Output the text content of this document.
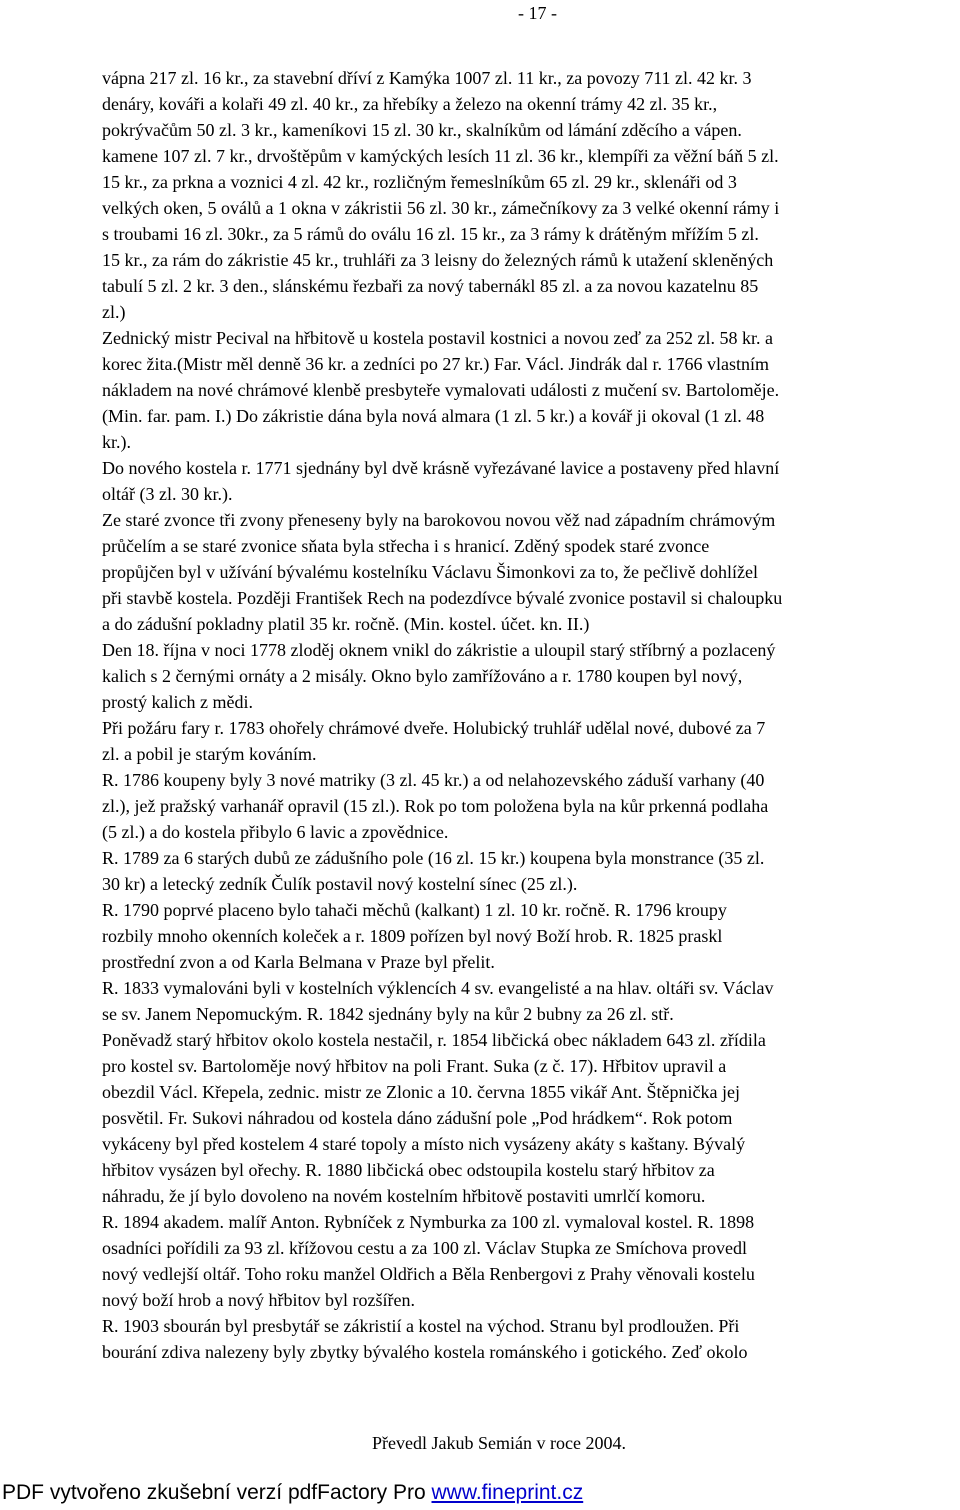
- 17 -
vápna 217 zl. 16 kr., za stavební dříví z Kamýka 1007 zl. 11 kr., za povozy 711 zl. 42 kr. 3
denáry, kováři a kolaři 49 zl. 40 kr., za hřebíky a železo na okenní trámy 42 zl. 35 kr.,
pokrývačům 50 zl. 3 kr., kameníkovi 15 zl. 30 kr., skalníkům od lámání zděcího a vápen.
kamene 107 zl. 7 kr., drvoštěpům v kamýckých lesích 11 zl. 36 kr., klempíři za věžní báň 5 zl.
15 kr., za prkna a voznici 4 zl. 42 kr., rozličným řemeslníkům 65 zl. 29 kr., sklenáři od 3
velkých oken, 5 oválů a 1 okna v zákristii 56 zl. 30 kr., zámečníkovy za 3 velké okenní rámy i
s troubami 16 zl. 30kr., za 5 rámů do oválu 16 zl. 15 kr., za 3 rámy k drátěným mřížím 5 zl.
15 kr., za rám do zákristie 45 kr., truhláři za 3 leisny do železných rámů k utažení skleněných
tabulí 5 zl. 2 kr. 3 den., slánskému řezbaři za nový tabernákl 85 zl. a za novou kazatelnu 85
zl.)
Zednický mistr Pecival na hřbitově u kostela postavil kostnici a novou zeď za 252 zl. 58 kr. a
korec žita.(Mistr měl denně 36 kr. a zedníci po 27 kr.) Far. Václ. Jindrák dal r. 1766 vlastním
nákladem na nové chrámové klenbě presbyteře vymalovati události z mučení sv. Bartoloměje.
(Min. far. pam. I.) Do zákristie dána byla nová almara (1 zl. 5 kr.) a kovář ji okoval (1 zl. 48
kr.).
Do nového kostela r. 1771 sjednány byl dvě krásně vyřezávané lavice a postaveny před hlavní
oltář (3 zl. 30 kr.).
Ze staré zvonce tři zvony přeneseny byly na barokovou novou věž nad západním chrámovým
průčelím a se staré zvonice sňata byla střecha i s hranicí. Zděný spodek staré zvonce
propůjčen byl v užívání bývalému kostelníku Václavu Šimonkovi za to, že pečlivě dohlížel
při stavbě kostela. Později František Rech na podezdívce bývalé zvonice postavil si chaloupku
a do zádušní pokladny platil 35 kr. ročně. (Min. kostel. účet. kn. II.)
Den 18. října v noci 1778 zloděj oknem vnikl do zákristie a uloupil starý stříbrný a pozlacený
kalich s 2 černými ornáty a 2 misály. Okno bylo zamřížováno a r. 1780 koupen byl nový,
prostý kalich z mědi.
Při požáru fary r. 1783 ohořely chrámové dveře. Holubický truhlář udělal nové, dubové za 7
zl. a pobil je starým kováním.
R. 1786 koupeny byly 3 nové matriky (3 zl. 45 kr.) a od nelahozevského záduší varhany (40
zl.), jež pražský varhanář opravil (15 zl.). Rok po tom položena byla na kůr prkenná podlaha
(5 zl.) a do kostela přibylo 6 lavic a zpovědnice.
R. 1789 za 6 starých dubů ze zádušního pole (16 zl. 15 kr.) koupena byla monstrance (35 zl.
30 kr) a letecký zedník Čulík postavil nový kostelní sínec (25 zl.).
R. 1790 poprvé placeno bylo tahači měchů (kalkant) 1 zl. 10 kr. ročně. R. 1796 kroupy
rozbily mnoho okenních koleček a r. 1809 pořízen byl nový Boží hrob. R. 1825 praskl
prostřední zvon a od Karla Belmana v Praze byl přelit.
R. 1833 vymalováni byli v kostelních výklencích 4 sv. evangelisté a na hlav. oltáři sv. Václav
se sv. Janem Nepomuckým. R. 1842 sjednány byly na kůr 2 bubny za 26 zl. stř.
Poněvadž starý hřbitov okolo kostela nestačil, r. 1854 libčická obec nákladem 643 zl. zřídila
pro kostel sv. Bartoloměje nový hřbitov na poli Frant. Suka (z č. 17). Hřbitov upravil a
obezdil Václ. Křepela, zednic. mistr ze Zlonic a 10. června 1855 vikář Ant. Štěpnička jej
posvětil. Fr. Sukovi náhradou od kostela dáno zádušní pole „Pod hrádkem“. Rok potom
vykáceny byl před kostelem 4 staré topoly a místo nich vysázeny akáty s kaštany. Bývalý
hřbitov vysázen byl ořechy. R. 1880 libčická obec odstoupila kostelu starý hřbitov za
náhradu, že jí bylo dovoleno na novém kostelním hřbitově postaviti umrlčí komoru.
R. 1894 akadem. malíř Anton. Rybníček z Nymburka za 100 zl. vymaloval kostel. R. 1898
osadníci pořídili za 93 zl. křížovou cestu a za 100 zl. Václav Stupka ze Smíchova provedl
nový vedlejší oltář. Toho roku manžel Oldřich a Běla Renbergovi z Prahy věnovali kostelu
nový boží hrob a nový hřbitov byl rozšířen.
R. 1903 sbourán byl presbytář se zákristií a kostel na východ. Stranu byl prodloužen. Při
bourání zdiva nalezeny byly zbytky bývalého kostela románského i gotického. Zeď okolo
Převedl Jakub Semián v roce 2004.
PDF vytvořeno zkušební verzí pdfFactory Pro www.fineprint.cz
